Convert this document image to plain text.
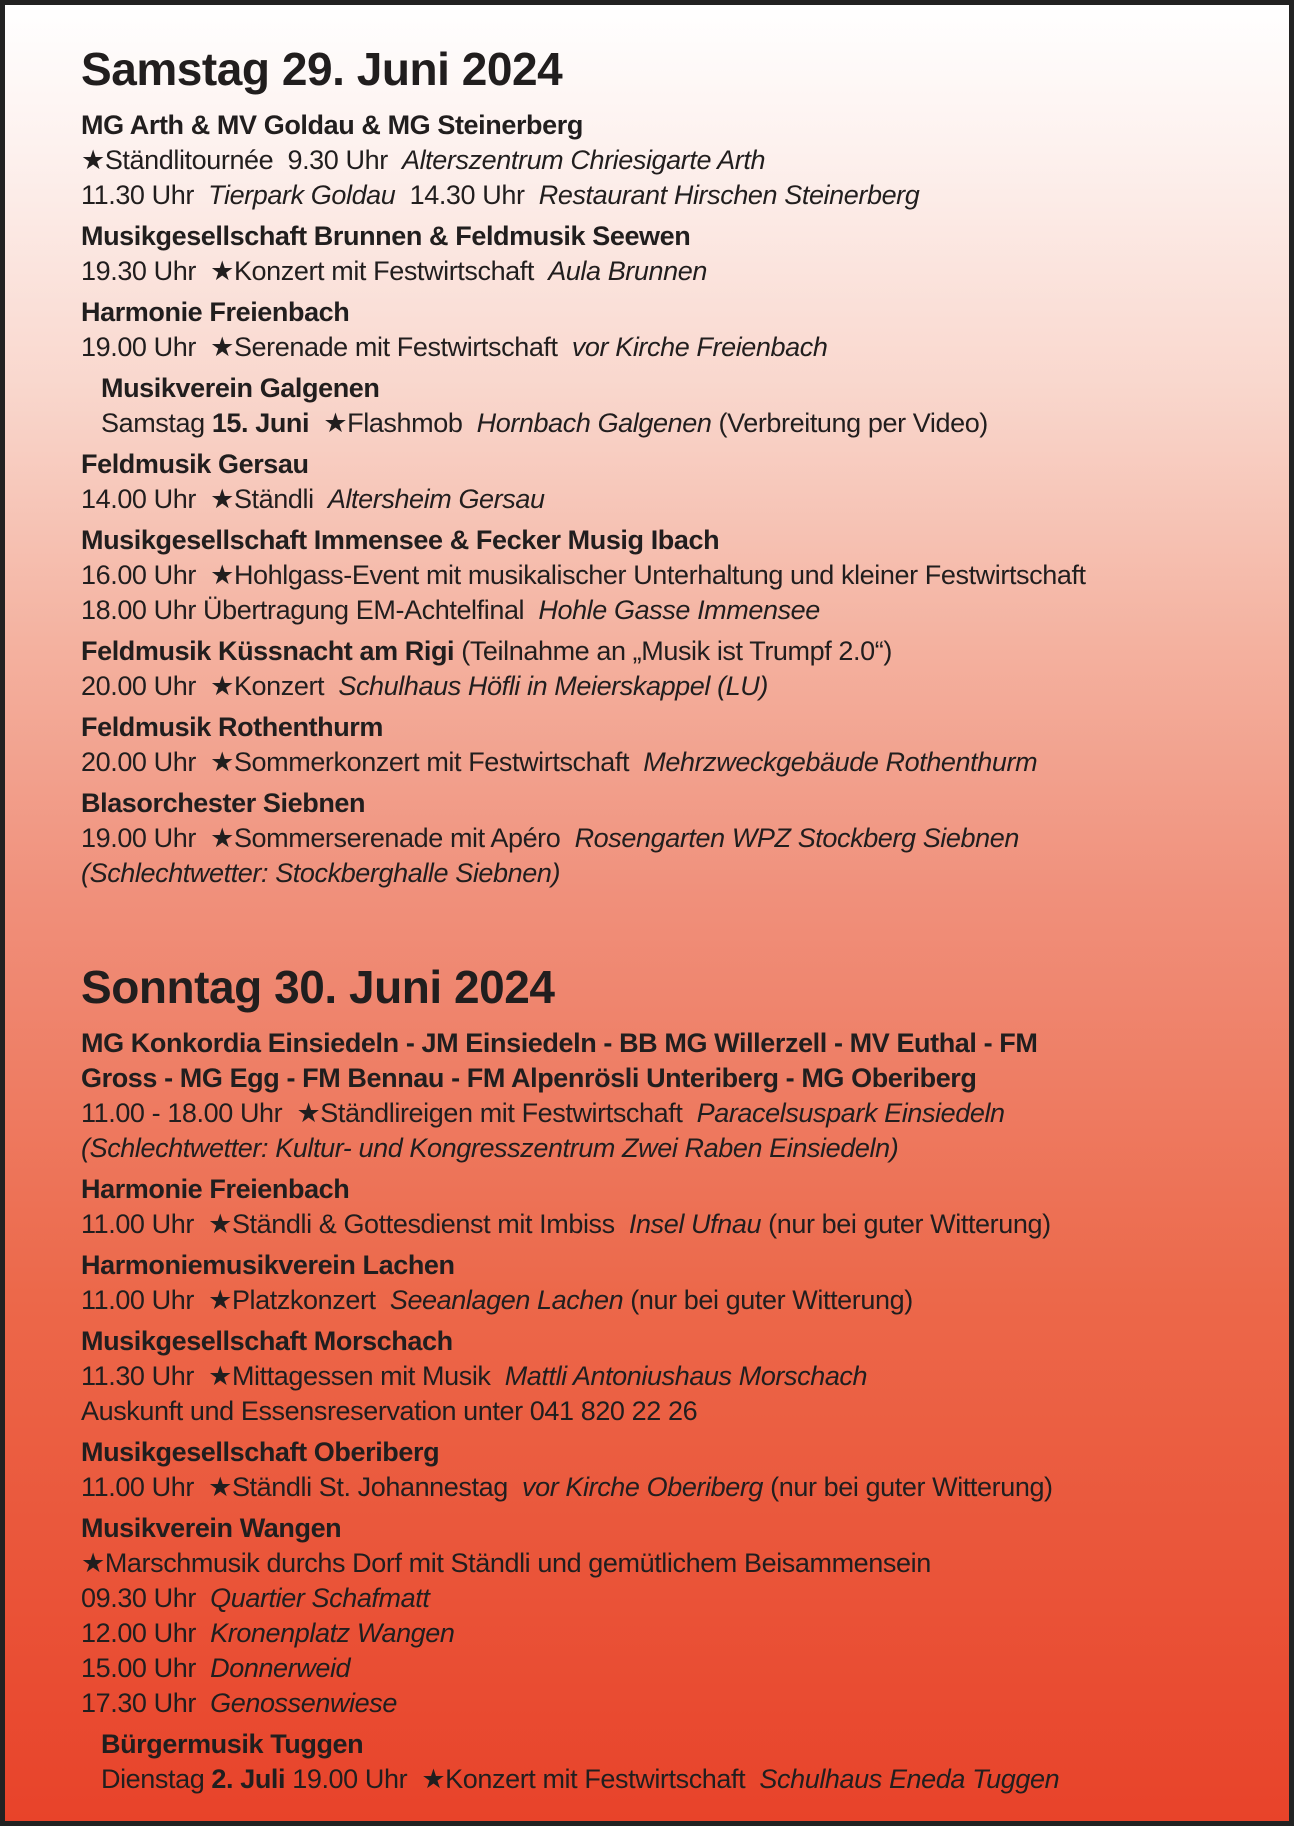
Samstag 29. Juni 2024
MG Arth & MV Goldau & MG Steinerberg
★Ständlitournée  9.30 Uhr  Alterszentrum Chriesigarte Arth
11.30 Uhr  Tierpark Goldau  14.30 Uhr  Restaurant Hirschen Steinerberg
Musikgesellschaft Brunnen & Feldmusik Seewen
19.30 Uhr  ★Konzert mit Festwirtschaft  Aula Brunnen
Harmonie Freienbach
19.00 Uhr  ★Serenade mit Festwirtschaft  vor Kirche Freienbach
Musikverein Galgenen
Samstag 15. Juni ★Flashmob  Hornbach Galgenen (Verbreitung per Video)
Feldmusik Gersau
14.00 Uhr  ★Ständli  Altersheim Gersau
Musikgesellschaft Immensee & Fecker Musig Ibach
16.00 Uhr  ★Hohlgass-Event mit musikalischer Unterhaltung und kleiner Festwirtschaft
18.00 Uhr Übertragung EM-Achtelfinal  Hohle Gasse Immensee
Feldmusik Küssnacht am Rigi (Teilnahme an „Musik ist Trumpf 2.0“)
20.00 Uhr  ★Konzert  Schulhaus Höfli in Meierskappel (LU)
Feldmusik Rothenthurm
20.00 Uhr  ★Sommerkonzert mit Festwirtschaft  Mehrzweckgebäude Rothenthurm
Blasorchester Siebnen
19.00 Uhr  ★Sommerserenade mit Apéro  Rosengarten WPZ Stockberg Siebnen
(Schlechtwetter: Stockberghalle Siebnen)
Sonntag 30. Juni 2024
MG Konkordia Einsiedeln - JM Einsiedeln - BB MG Willerzell - MV Euthal - FM
Gross - MG Egg - FM Bennau - FM Alpenrösli Unteriberg - MG Oberiberg
11.00 - 18.00 Uhr  ★Ständlireigen mit Festwirtschaft  Paracelsuspark Einsiedeln
(Schlechtwetter: Kultur- und Kongresszentrum Zwei Raben Einsiedeln)
Harmonie Freienbach
11.00 Uhr  ★Ständli & Gottesdienst mit Imbiss  Insel Ufnau (nur bei guter Witterung)
Harmoniemusikverein Lachen
11.00 Uhr  ★Platzkonzert  Seeanlagen Lachen (nur bei guter Witterung)
Musikgesellschaft Morschach
11.30 Uhr  ★Mittagessen mit Musik  Mattli Antoniushaus Morschach
Auskunft und Essensreservation unter 041 820 22 26
Musikgesellschaft Oberiberg
11.00 Uhr  ★Ständli St. Johannestag  vor Kirche Oberiberg (nur bei guter Witterung)
Musikverein Wangen
★Marschmusik durchs Dorf mit Ständli und gemütlichem Beisammensein
09.30 Uhr  Quartier Schafmatt
12.00 Uhr  Kronenplatz Wangen
15.00 Uhr  Donnerweid
17.30 Uhr  Genossenwiese
Bürgermusik Tuggen
Dienstag 2. Juli 19.00 Uhr  ★Konzert mit Festwirtschaft  Schulhaus Eneda Tuggen
